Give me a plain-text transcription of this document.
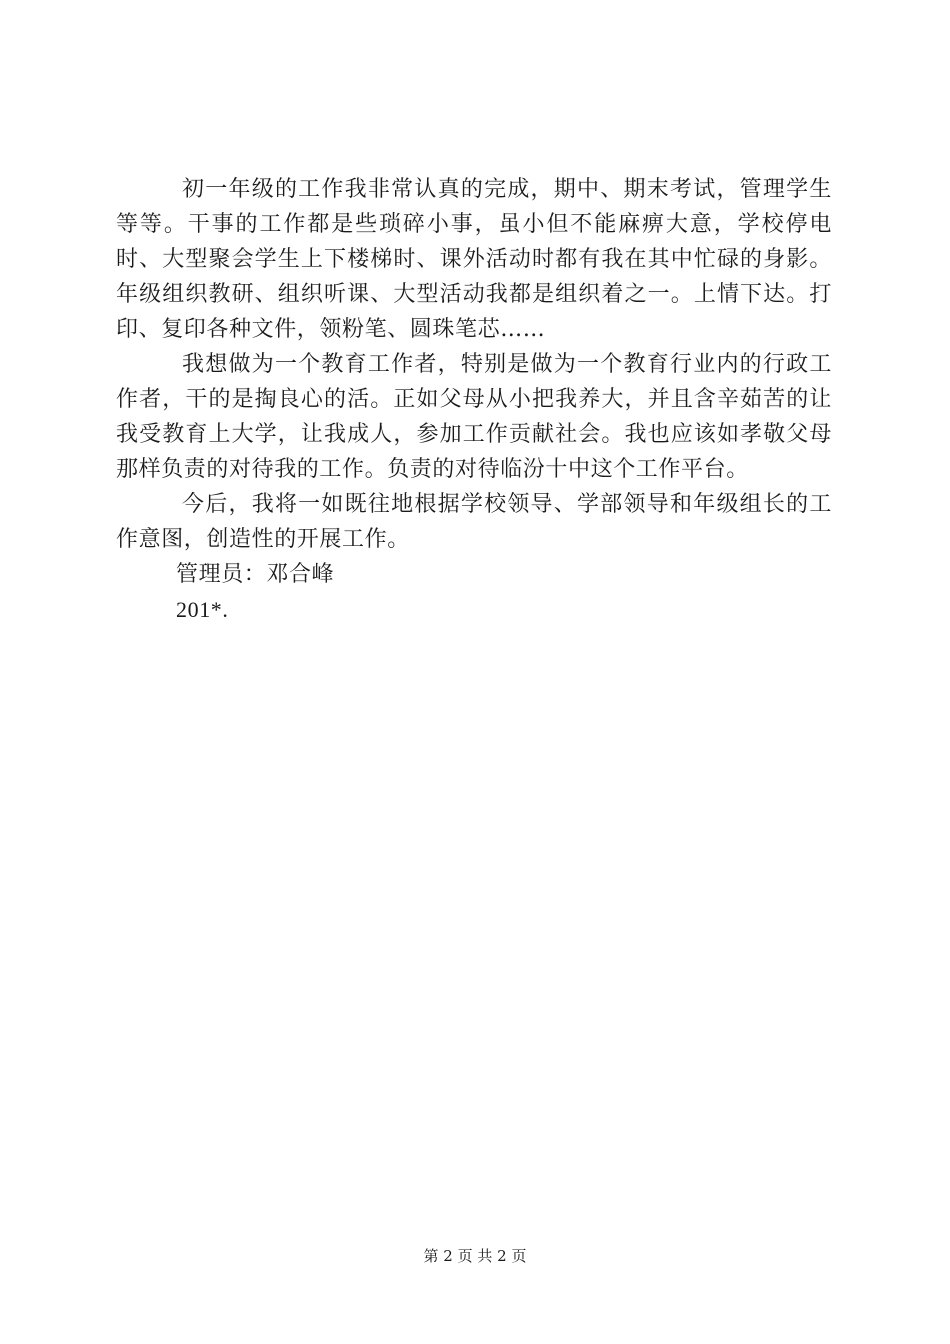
初一年级的工作我非常认真的完成，期中、期末考试，管理学生等等。干事的工作都是些琐碎小事，虽小但不能麻痹大意，学校停电时、大型聚会学生上下楼梯时、课外活动时都有我在其中忙碌的身影。年级组织教研、组织听课、大型活动我都是组织着之一。上情下达。打印、复印各种文件，领粉笔、圆珠笔芯……

我想做为一个教育工作者，特别是做为一个教育行业内的行政工作者，干的是掏良心的活。正如父母从小把我养大，并且含辛茹苦的让我受教育上大学，让我成人，参加工作贡献社会。我也应该如孝敬父母那样负责的对待我的工作。负责的对待临汾十中这个工作平台。

今后，我将一如既往地根据学校领导、学部领导和年级组长的工作意图，创造性的开展工作。

管理员：邓合峰

201*.

第 2 页 共 2 页
